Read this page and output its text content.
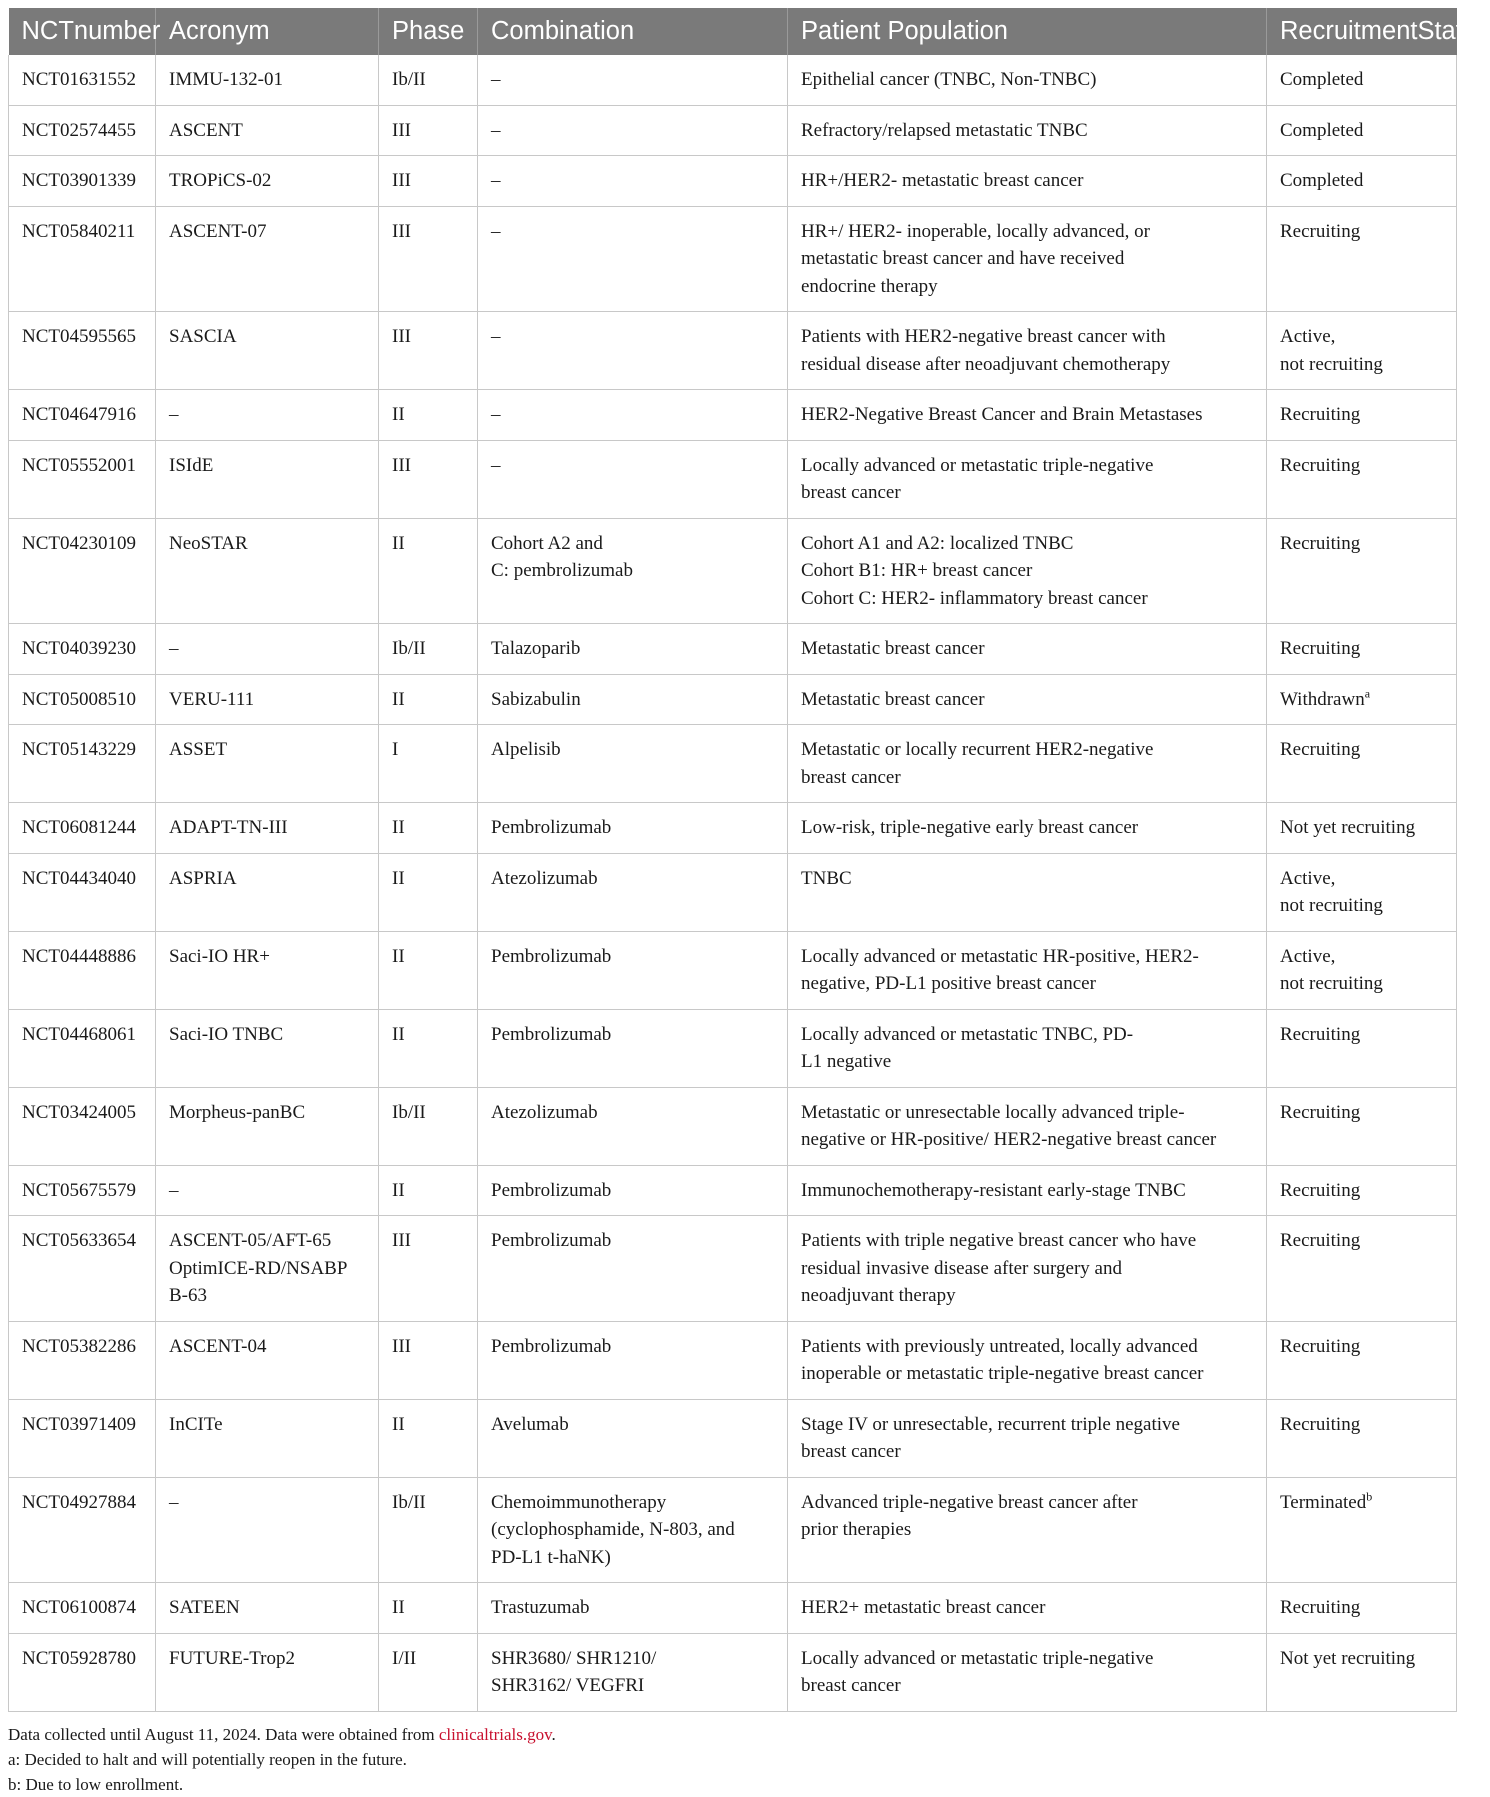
NCTnumber	Acronym	Phase	Combination	Patient Population	RecruitmentStatus

NCT01631552	IMMU-132-01	Ib/II	–	Epithelial cancer (TNBC, Non-TNBC)	Completed

NCT02574455	ASCENT	III	–	Refractory/relapsed metastatic TNBC	Completed

NCT03901339	TROPiCS-02	III	–	HR+/HER2- metastatic breast cancer	Completed

NCT05840211	ASCENT-07	III	–	HR+/ HER2- inoperable, locally advanced, or
metastatic breast cancer and have received
endocrine therapy	Recruiting

NCT04595565	SASCIA	III	–	Patients with HER2-negative breast cancer with
residual disease after neoadjuvant chemotherapy	Active,
not recruiting

NCT04647916	–	II	–	HER2-Negative Breast Cancer and Brain Metastases	Recruiting

NCT05552001	ISIdE	III	–	Locally advanced or metastatic triple-negative
breast cancer	Recruiting

NCT04230109	NeoSTAR	II	Cohort A2 and
C: pembrolizumab	Cohort A1 and A2: localized TNBC
Cohort B1: HR+ breast cancer
Cohort C: HER2- inflammatory breast cancer	Recruiting

NCT04039230	–	Ib/II	Talazoparib	Metastatic breast cancer	Recruiting

NCT05008510	VERU-111	II	Sabizabulin	Metastatic breast cancer	Withdrawn$^a$

NCT05143229	ASSET	I	Alpelisib	Metastatic or locally recurrent HER2-negative
breast cancer	Recruiting

NCT06081244	ADAPT-TN-III	II	Pembrolizumab	Low-risk, triple-negative early breast cancer	Not yet recruiting

NCT04434040	ASPRIA	II	Atezolizumab	TNBC	Active,
not recruiting

NCT04448886	Saci-IO HR+	II	Pembrolizumab	Locally advanced or metastatic HR-positive, HER2-
negative, PD-L1 positive breast cancer	Active,
not recruiting

NCT04468061	Saci-IO TNBC	II	Pembrolizumab	Locally advanced or metastatic TNBC, PD-
L1 negative	Recruiting

NCT03424005	Morpheus-panBC	Ib/II	Atezolizumab	Metastatic or unresectable locally advanced triple-
negative or HR-positive/ HER2-negative breast cancer	Recruiting

NCT05675579	–	II	Pembrolizumab	Immunochemotherapy-resistant early-stage TNBC	Recruiting

NCT05633654	ASCENT-05/AFT-65
OptimICE-RD/NSABP
B-63	III	Pembrolizumab	Patients with triple negative breast cancer who have
residual invasive disease after surgery and
neoadjuvant therapy	Recruiting

NCT05382286	ASCENT-04	III	Pembrolizumab	Patients with previously untreated, locally advanced
inoperable or metastatic triple-negative breast cancer	Recruiting

NCT03971409	InCITe	II	Avelumab	Stage IV or unresectable, recurrent triple negative
breast cancer	Recruiting

NCT04927884	–	Ib/II	Chemoimmunotherapy
(cyclophosphamide, N-803, and
PD-L1 t-haNK)	Advanced triple-negative breast cancer after
prior therapies	Terminated$^b$

NCT06100874	SATEEN	II	Trastuzumab	HER2+ metastatic breast cancer	Recruiting

NCT05928780	FUTURE-Trop2	I/II	SHR3680/ SHR1210/
SHR3162/ VEGFRI	Locally advanced or metastatic triple-negative
breast cancer	Not yet recruiting
Data collected until August 11, 2024. Data were obtained from clinicaltrials.gov.
a: Decided to halt and will potentially reopen in the future.
b: Due to low enrollment.
